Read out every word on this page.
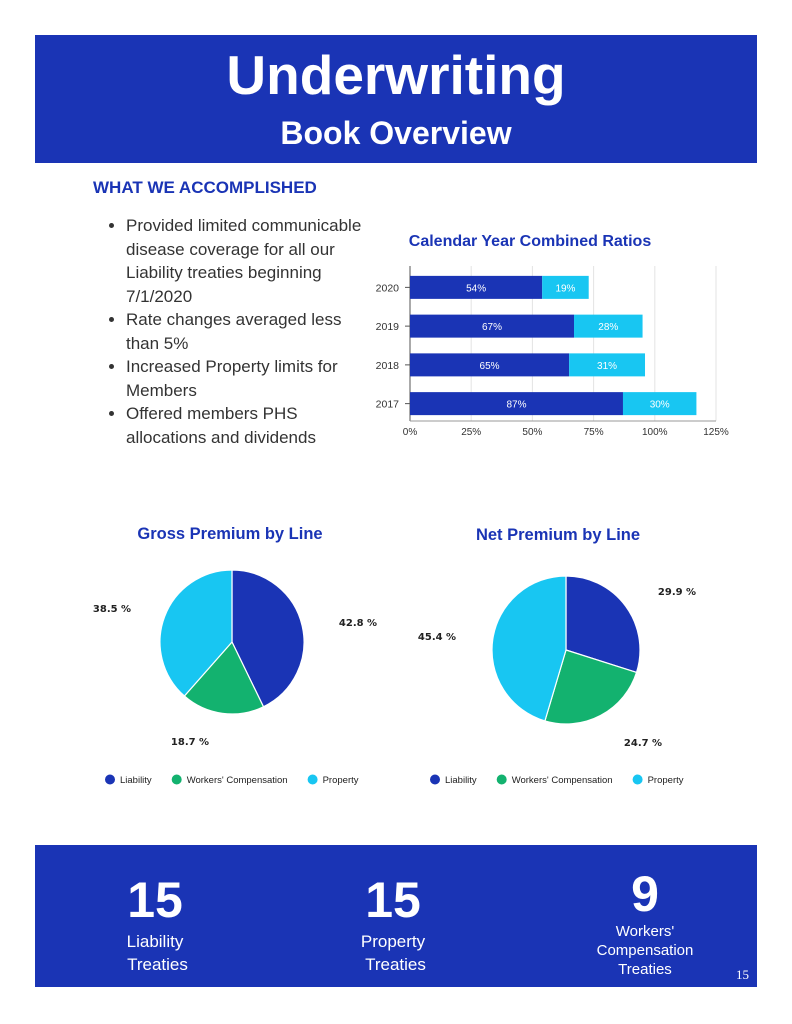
Underwriting
Book Overview
WHAT WE ACCOMPLISHED
• Provided limited communicable disease coverage for all our Liability treaties beginning 7/1/2020
• Rate changes averaged less than 5%
• Increased Property limits for Members
• Offered members PHS allocations and dividends
Calendar Year Combined Ratios
0%	25%	50%	75%	100%	125%
2020	54%	19%
2019	67%	28%
2018	65%	31%
2017	87%	30%
Gross Premium by Line
42.8 %
18.7 %
38.5 %
Liability	Workers' Compensation	Property
Net Premium by Line
29.9 %
24.7 %
45.4 %
Liability	Workers' Compensation	Property
15
Liability
Treaties
15
Property
Treaties
9
Workers'
Compensation
Treaties	15
